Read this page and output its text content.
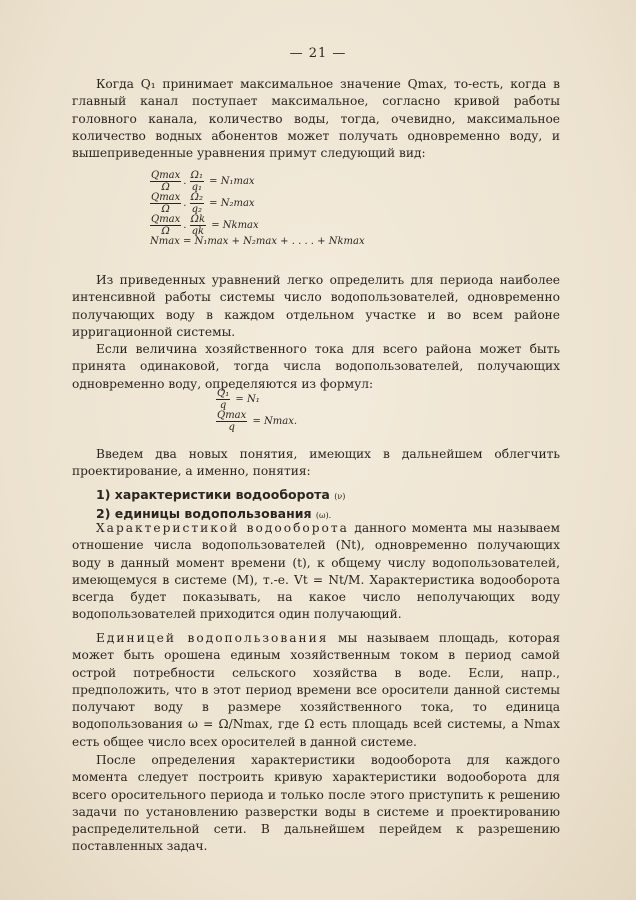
— 21 —

Когда Q₁ принимает максимальное значение Qmax, то-есть, когда в главный канал поступает максимальное, согласно кривой работы головного канала, количество воды, тогда, очевидно, максимальное количество водных абонентов может получать одновременно воду, и вышеприведенные уравнения примут следующий вид:

$\frac{Qmax}{\Omega}$ . $\frac{\text{Ω₁}}{\text{q₁}} = N_1\max$
$\frac{Qmax}{\Omega}$ . $\frac{\text{Ω₂}}{\text{q₂}} = N_2\max$
$\frac{Qmax}{\Omega}$ . $\frac{\Omega k}{qk} = Nkmax$
Nmax = N₁max + N₂max + . . . . + Nkmax

Из приведенных уравнений легко определить для периода наиболее интенсивной работы системы число водопользователей, одновременно получающих воду в каждом отдельном участке и во всем районе ирригационной системы.

Если величина хозяйственного тока для всего района может быть принята одинаковой, тогда числа водопользователей, получающих одновременно воду, определяются из формул:

$\frac{\text{Q₁}}{q} = N_1$
$\frac{Qmax}{q} = Nmax$.

Введем два новых понятия, имеющих в дальнейшем облегчить проектирование, а именно, понятия:

1) характеристики водооборота (ν)
2) единицы водопользования (ω).

Характеристикой водооборота данного момента мы называем отношение числа водопользователей (Nt), одновременно получающих воду в данный момент времени (t), к общему числу водопользователей, имеющемуся в системе (M), т.-е. Vt = Nt/M. Характеристика водооборота всегда будет показывать, на какое число неполучающих воду водопользователей приходится один получающий.

Единицей водопользования мы называем площадь, которая может быть орошена единым хозяйственным током в период самой острой потребности сельского хозяйства в воде. Если, напр., предположить, что в этот период времени все оросители данной системы получают воду в размере хозяйственного тока, то единица водопользования ω = Ω/Nmax, где Ω есть площадь всей системы, а Nmax есть общее число всех оросителей в данной системе.

После определения характеристики водооборота для каждого момента следует построить кривую характеристики водооборота для всего оросительного периода и только после этого приступить к решению задачи по установлению разверстки воды в системе и проектированию распределительной сети. В дальнейшем перейдем к разрешению поставленных задач.
